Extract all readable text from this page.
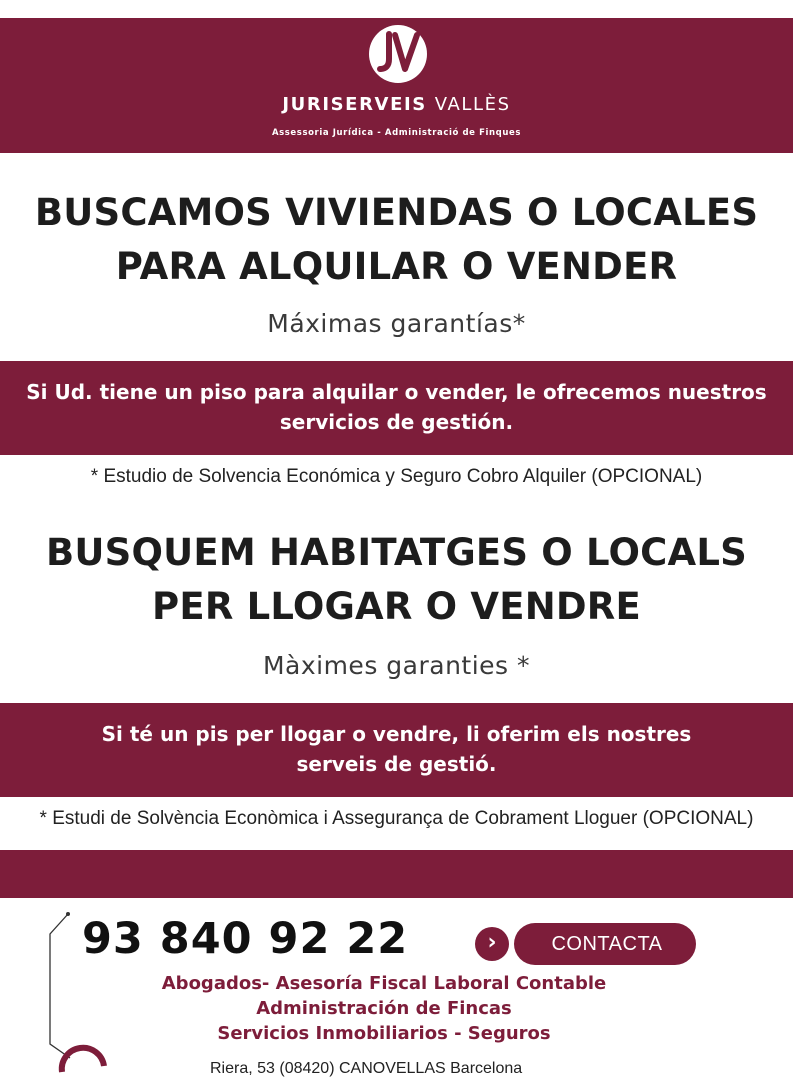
JURISERVEIS VALLÈS
Assessoria Jurídica - Administració de Finques
BUSCAMOS VIVIENDAS O LOCALES
PARA ALQUILAR O VENDER
Máximas garantías*
Si Ud. tiene un piso para alquilar o vender, le ofrecemos nuestros
servicios de gestión.
* Estudio de Solvencia Económica y Seguro Cobro Alquiler (OPCIONAL)
BUSQUEM HABITATGES O LOCALS
PER LLOGAR O VENDRE
Màximes garanties *
Si té un pis per llogar o vendre, li oferim els nostres
serveis de gestió.
* Estudi de Solvència Econòmica i Assegurança de Cobrament Lloguer (OPCIONAL)
93 840 92 22	›	CONTACTA
Abogados- Asesoría Fiscal Laboral Contable
Administración de Fincas
Servicios Inmobiliarios - Seguros
Riera, 53 (08420) CANOVELLAS Barcelona
